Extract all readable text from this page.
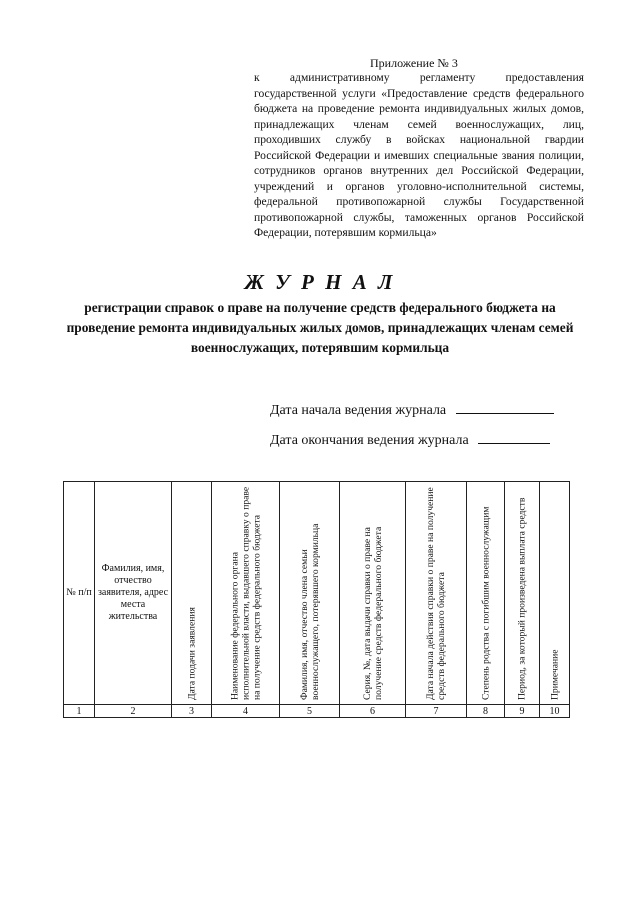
Приложение № 3
к административному регламенту предоставления государственной услуги «Предоставление средств федерального бюджета на проведение ремонта индивидуальных жилых домов, принадлежащих членам семей военнослужащих, лиц, проходивших службу в войсках национальной гвардии Российской Федерации и имевших специальные звания полиции, сотрудников органов внутренних дел Российской Федерации, учреждений и органов уголовно-исполнительной системы, федеральной противопожарной службы Государственной противопожарной службы, таможенных органов Российской Федерации, потерявшим кормильца»
Ж У Р Н А Л
регистрации справок о праве на получение средств федерального бюджета на проведение ремонта индивидуальных жилых домов, принадлежащих членам семей военнослужащих, потерявшим кормильца
Дата начала ведения журнала
Дата окончания ведения журнала
№ п/п	Фамилия, имя, отчество заявителя, адрес места жительства	Дата подачи заявления	Наименование федерального органа исполнительной власти, выдавшего справку о праве на получение средств федерального бюджета	Фамилия, имя, отчество члена семьи военнослужащего, потерявшего кормильца	Серия, №, дата выдачи справки о праве на получение средств федерального бюджета	Дата начала действия справки о праве на получение средств федерального бюджета	Степень родства с погибшим военнослужащим	Период, за который произведена выплата средств	Примечание

1	2	3	4	5	6	7	8	9	10
